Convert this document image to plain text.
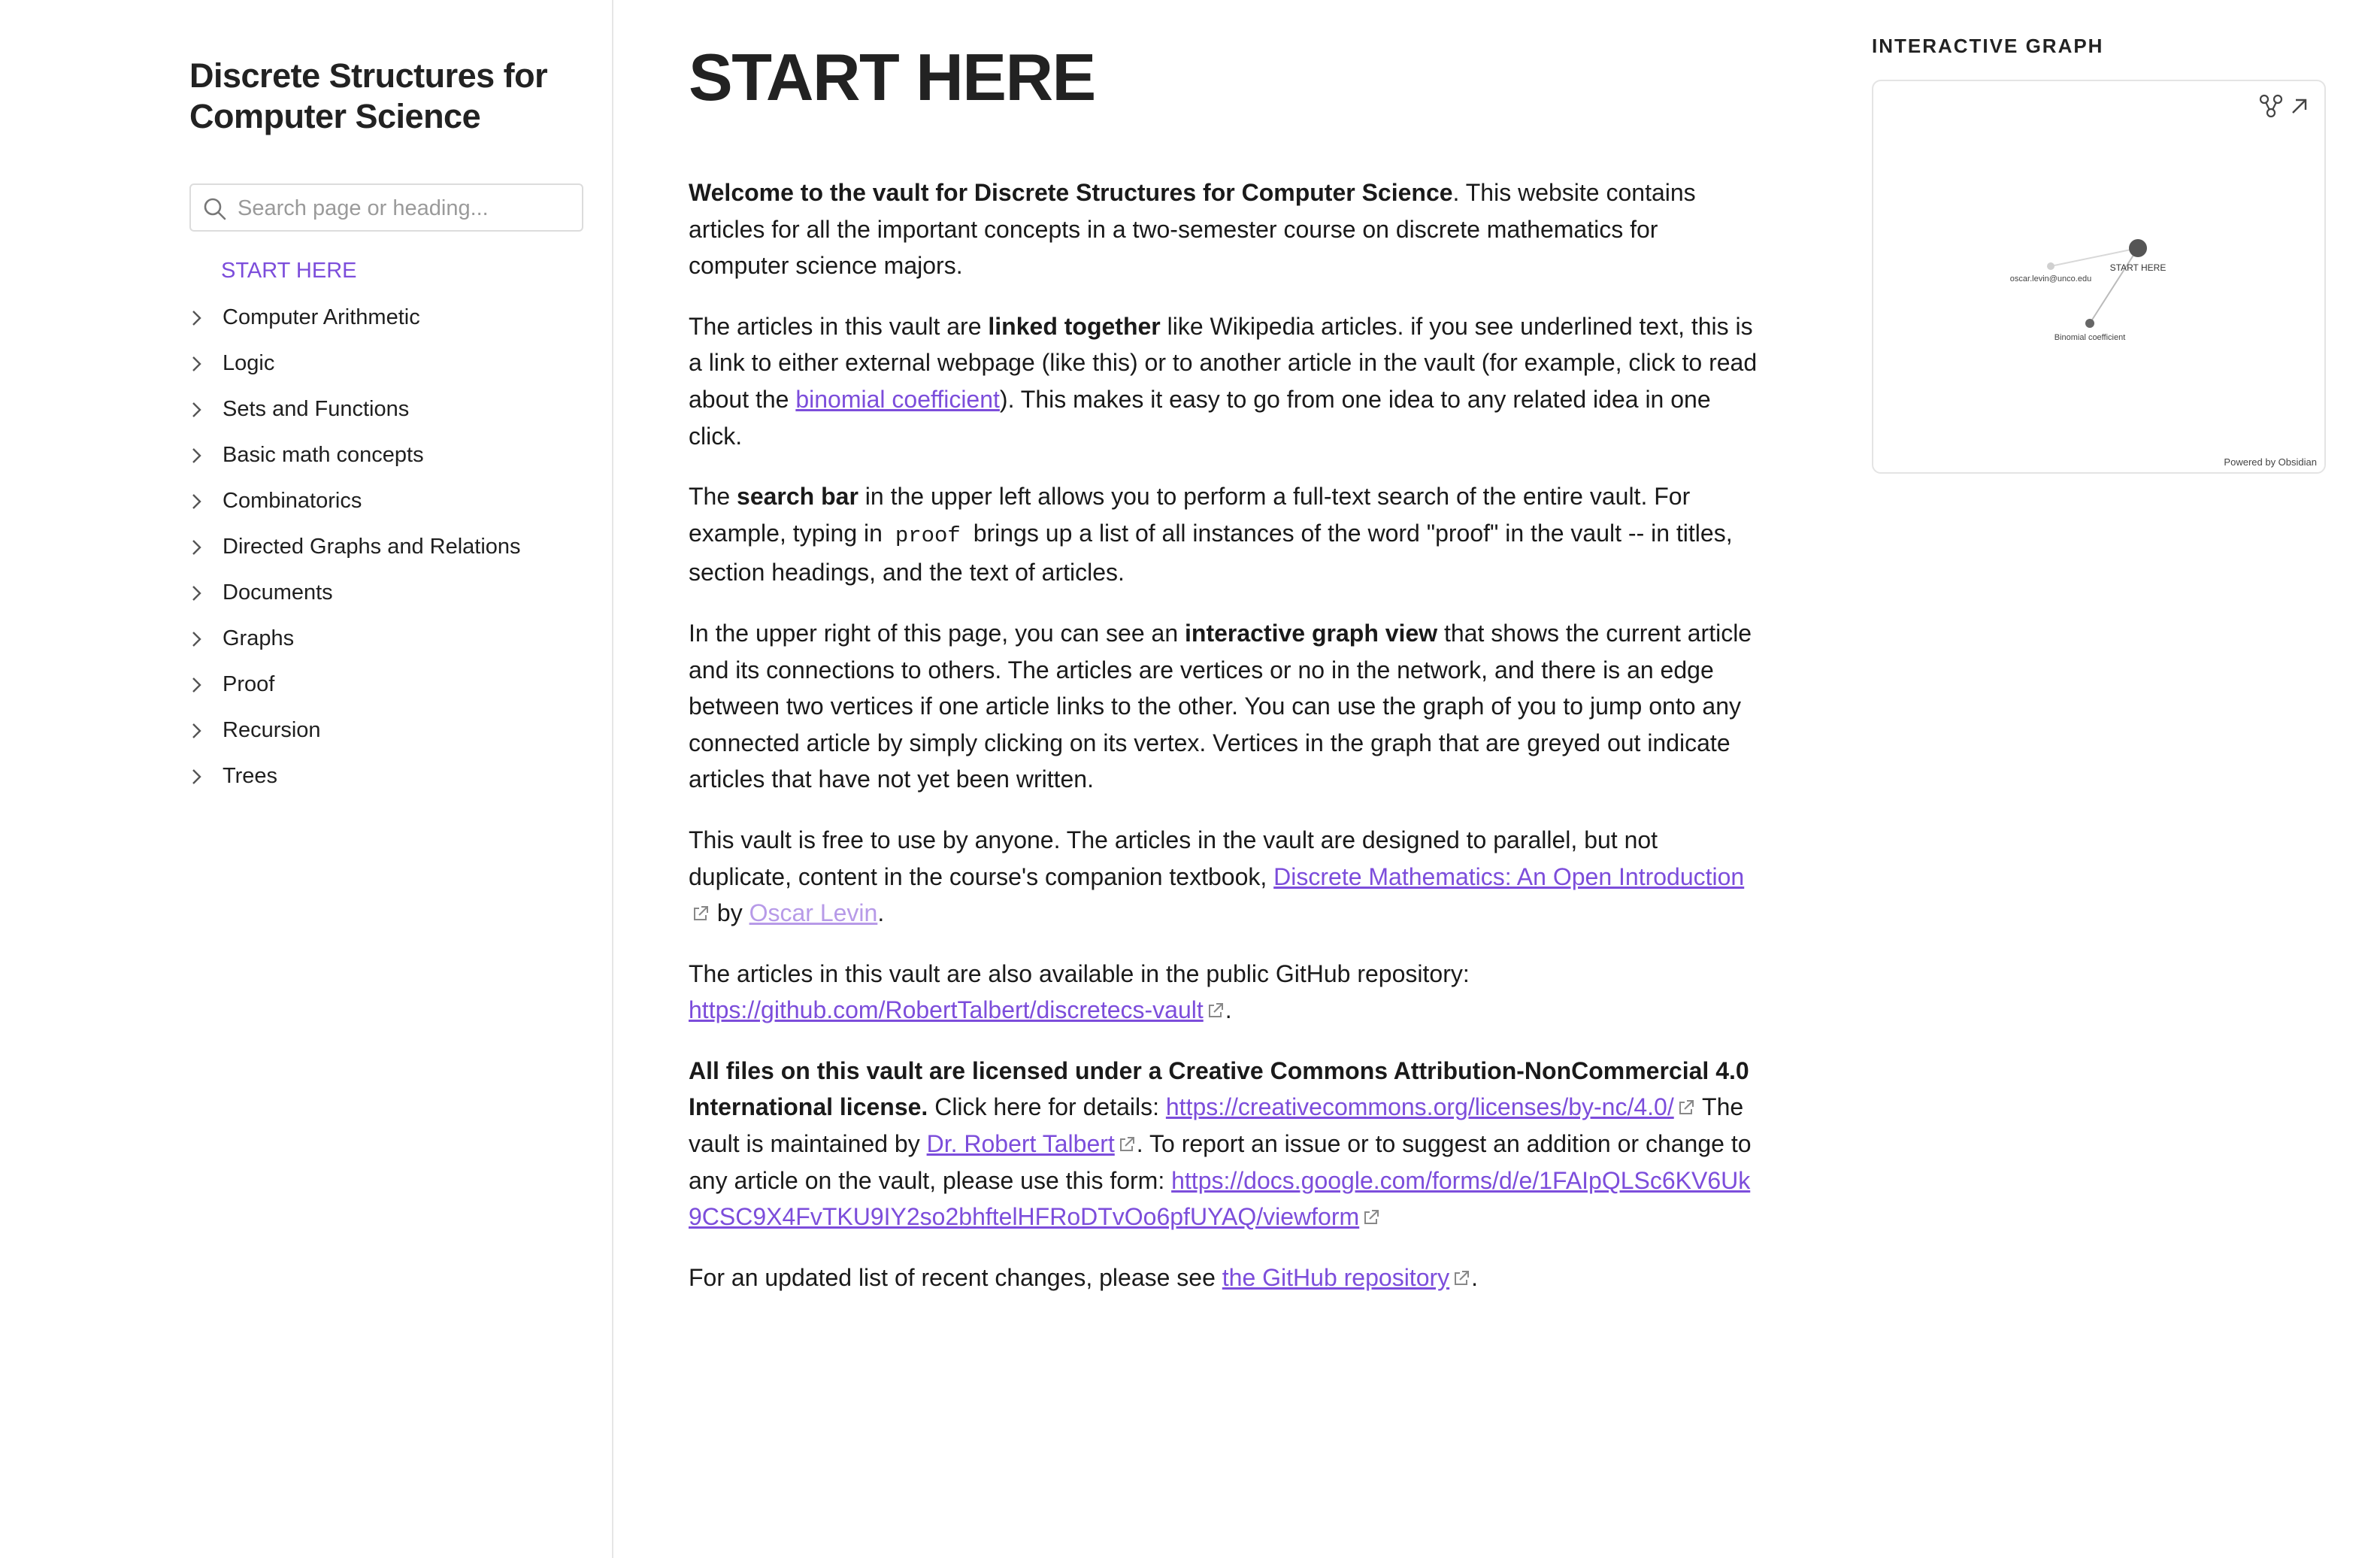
Discrete Structures for Computer Science
Search page or heading...
START HERE
Computer Arithmetic
Logic
Sets and Functions
Basic math concepts
Combinatorics
Directed Graphs and Relations
Documents
Graphs
Proof
Recursion
Trees
START HERE

Welcome to the vault for Discrete Structures for Computer Science. This website contains articles for all the important concepts in a two-semester course on discrete mathematics for computer science majors.

The articles in this vault are linked together like Wikipedia articles. if you see underlined text, this is a link to either external webpage (like this) or to another article in the vault (for example, click to read about the binomial coefficient). This makes it easy to go from one idea to any related idea in one click.

The search bar in the upper left allows you to perform a full-text search of the entire vault. For example, typing in proof brings up a list of all instances of the word "proof" in the vault -- in titles, section headings, and the text of articles.

In the upper right of this page, you can see an interactive graph view that shows the current article and its connections to others. The articles are vertices or no in the network, and there is an edge between two vertices if one article links to the other. You can use the graph of you to jump onto any connected article by simply clicking on its vertex. Vertices in the graph that are greyed out indicate articles that have not yet been written.

This vault is free to use by anyone. The articles in the vault are designed to parallel, but not duplicate, content in the course's companion textbook, Discrete Mathematics: An Open Introduction by Oscar Levin.

The articles in this vault are also available in the public GitHub repository: https://github.com/RobertTalbert/discretecs-vault .

All files on this vault are licensed under a Creative Commons Attribution-NonCommercial 4.0 International license. Click here for details: https://creativecommons.org/licenses/by-nc/4.0/ The vault is maintained by Dr. Robert Talbert . To report an issue or to suggest an addition or change to any article on the vault, please use this form: https://docs.google.com/forms/d/e/1FAIpQLSc6KV6Uk9CSC9X4FvTKU9IY2so2bhftelHFRoDTvOo6pfUYAQ/viewform

For an updated list of recent changes, please see the GitHub repository .

INTERACTIVE GRAPH
START HERE
oscar.levin@unco.edu
Binomial coefficient
Powered by Obsidian
